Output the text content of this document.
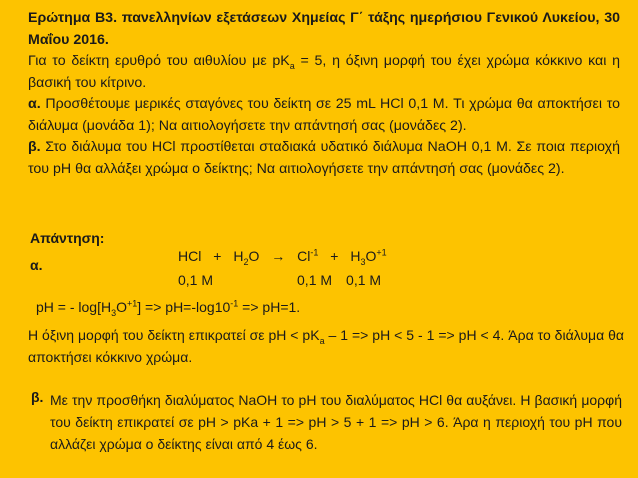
Ερώτημα Β3. πανελληνίων εξετάσεων Χημείας Γ΄ τάξης ημερήσιου Γενικού Λυκείου, 30 Μαΐου 2016.
Για το δείκτη ερυθρό του αιθυλίου με $pK_a = 5$, η όξινη μορφή του έχει χρώμα κόκκινο και η βασική του κίτρινο.
α. Προσθέτουμε μερικές σταγόνες του δείκτη σε 25 mL HCl 0,1 M. Τι χρώμα θα αποκτήσει το διάλυμα (μονάδα 1); Να αιτιολογήσετε την απάντησή σας (μονάδες 2).
β. Στο διάλυμα του HCl προστίθεται σταδιακά υδατικό διάλυμα NaOH 0,1 M. Σε ποια περιοχή του pH θα αλλάξει χρώμα ο δείκτης; Να αιτιολογήσετε την απάντησή σας (μονάδες 2).
Απάντηση:
α.
HCl + $H_2O \to Cl^{-1} + H_3O^{+1}$
0,1 M	0,1 M 0,1 M
pH = - $\log[H_3O^{+1}] => pH=-\log 10^{-1} => pH=1$.
Η όξινη μορφή του δείκτη επικρατεί σε pH < $pK_a - 1$ => pH < 5 - 1 => pH < 4. Άρα το διάλυμα θα αποκτήσει κόκκινο χρώμα.
β. Με την προσθήκη διαλύματος NaOH το pH του διαλύματος HCl θα αυξάνει. Η βασική μορφή του δείκτη επικρατεί σε pH > pKa + 1 => pH > 5 + 1 => pH > 6. Άρα η περιοχή του pH που αλλάζει χρώμα ο δείκτης είναι από 4 έως 6.
